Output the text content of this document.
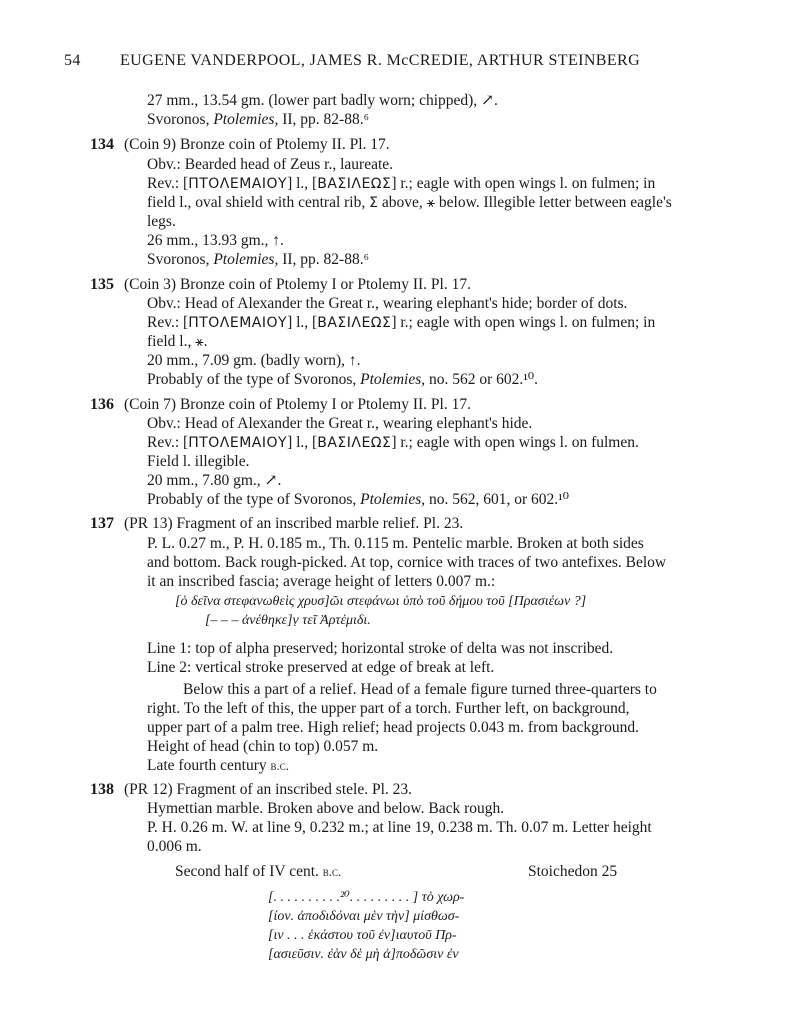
54 EUGENE VANDERPOOL, JAMES R. McCREDIE, ARTHUR STEINBERG
27 mm., 13.54 gm. (lower part badly worn; chipped), ↗.
Svoronos, Ptolemies, II, pp. 82-88.⁶
134 (Coin 9) Bronze coin of Ptolemy II. Pl. 17.
Obv.: Bearded head of Zeus r., laureate.
Rev.: [ΠΤΟΛΕΜΑΙΟΥ] l., [ΒΑΣΙΛΕΩΣ] r.; eagle with open wings l. on fulmen; in
field l., oval shield with central rib, Σ above, ⚹ below. Illegible letter between eagle's
legs.
26 mm., 13.93 gm., ↑.
Svoronos, Ptolemies, II, pp. 82-88.⁶
135 (Coin 3) Bronze coin of Ptolemy I or Ptolemy II. Pl. 17.
Obv.: Head of Alexander the Great r., wearing elephant's hide; border of dots.
Rev.: [ΠΤΟΛΕΜΑΙΟΥ] l., [ΒΑΣΙΛΕΩΣ] r.; eagle with open wings l. on fulmen; in
field l., ⚹.
20 mm., 7.09 gm. (badly worn), ↑.
Probably of the type of Svoronos, Ptolemies, no. 562 or 602.¹⁰.
136 (Coin 7) Bronze coin of Ptolemy I or Ptolemy II. Pl. 17.
Obv.: Head of Alexander the Great r., wearing elephant's hide.
Rev.: [ΠΤΟΛΕΜΑΙΟΥ] l., [ΒΑΣΙΛΕΩΣ] r.; eagle with open wings l. on fulmen.
Field l. illegible.
20 mm., 7.80 gm., ↗.
Probably of the type of Svoronos, Ptolemies, no. 562, 601, or 602.¹⁰
137 (PR 13) Fragment of an inscribed marble relief. Pl. 23.
P. L. 0.27 m., P. H. 0.185 m., Th. 0.115 m. Pentelic marble. Broken at both sides
and bottom. Back rough-picked. At top, cornice with traces of two antefixes. Below
it an inscribed fascia; average height of letters 0.007 m.:
[ὁ δεῖνα στεφανωθεὶς χρυσ]ῶι στεφάνωι ὑπὸ τοῦ δήμου τοῦ [Πρασιέων ?]
[– – – ἀνέθηκε]ṿ τεῖ Ἀρτέμιδι.
Line 1: top of alpha preserved; horizontal stroke of delta was not inscribed.
Line 2: vertical stroke preserved at edge of break at left.
Below this a part of a relief. Head of a female figure turned three-quarters to
right. To the left of this, the upper part of a torch. Further left, on background,
upper part of a palm tree. High relief; head projects 0.043 m. from background.
Height of head (chin to top) 0.057 m.
Late fourth century b.c.
138 (PR 12) Fragment of an inscribed stele. Pl. 23.
Hymettian marble. Broken above and below. Back rough.
P. H. 0.26 m. W. at line 9, 0.232 m.; at line 19, 0.238 m. Th. 0.07 m. Letter height
0.006 m.
Second half of IV cent. b.c.	Stoichedon 25
[. . . . . . . . . .²⁰. . . . . . . . . ] τὸ χωρ-
[ίον. ἀποδιδόναι μὲν τὴν] μίσθωσ-
[ιν . . . ἑκάστου τοῦ ἐν]ιαυτοῦ Πρ-
[ασιεῦσιν. ἐὰν δὲ μὴ ἀ]ποδῶσιν ἐν
